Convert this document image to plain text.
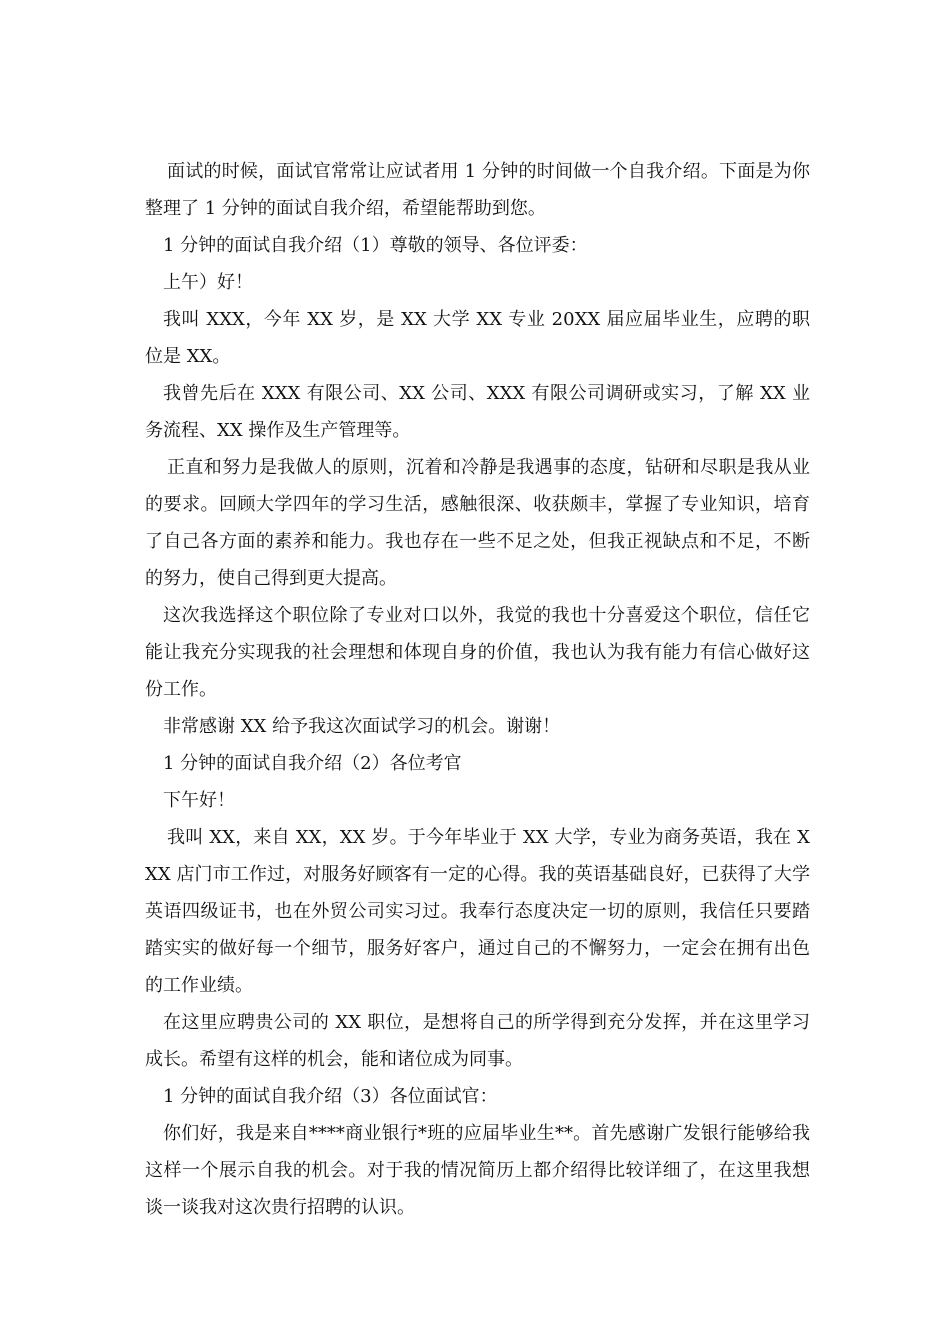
面试的时候，面试官常常让应试者用 1 分钟的时间做一个自我介绍。下面是为你整理了 1 分钟的面试自我介绍，希望能帮助到您。

1 分钟的面试自我介绍（1）尊敬的领导、各位评委：

上午）好！

我叫 XXX，今年 XX 岁，是 XX 大学 XX 专业 20XX 届应届毕业生，应聘的职位是 XX。

我曾先后在 XXX 有限公司、XX 公司、XXX 有限公司调研或实习，了解 XX 业务流程、XX 操作及生产管理等。

正直和努力是我做人的原则，沉着和冷静是我遇事的态度，钻研和尽职是我从业的要求。回顾大学四年的学习生活，感触很深、收获颇丰，掌握了专业知识，培育了自己各方面的素养和能力。我也存在一些不足之处，但我正视缺点和不足，不断的努力，使自己得到更大提高。

这次我选择这个职位除了专业对口以外，我觉的我也十分喜爱这个职位，信任它能让我充分实现我的社会理想和体现自身的价值，我也认为我有能力有信心做好这份工作。

非常感谢 XX 给予我这次面试学习的机会。谢谢！

1 分钟的面试自我介绍（2）各位考官

下午好！

我叫 XX，来自 XX，XX 岁。于今年毕业于 XX 大学，专业为商务英语，我在 XXX 店门市工作过，对服务好顾客有一定的心得。我的英语基础良好，已获得了大学英语四级证书，也在外贸公司实习过。我奉行态度决定一切的原则，我信任只要踏踏实实的做好每一个细节，服务好客户，通过自己的不懈努力，一定会在拥有出色的工作业绩。

在这里应聘贵公司的 XX 职位，是想将自己的所学得到充分发挥，并在这里学习成长。希望有这样的机会，能和诸位成为同事。

1 分钟的面试自我介绍（3）各位面试官：

你们好，我是来自****商业银行*班的应届毕业生**。首先感谢广发银行能够给我这样一个展示自我的机会。对于我的情况简历上都介绍得比较详细了，在这里我想谈一谈我对这次贵行招聘的认识。
